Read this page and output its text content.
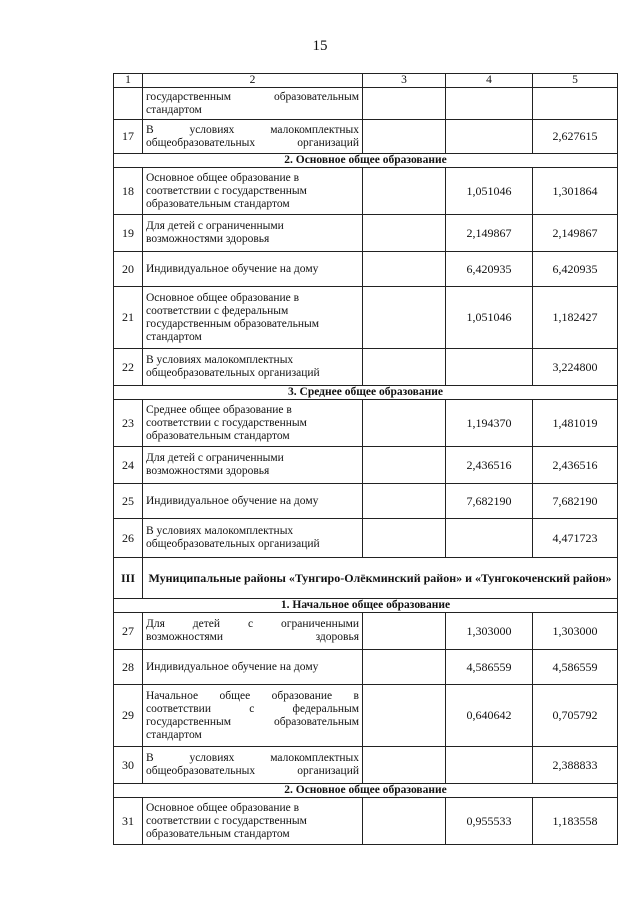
15
1	2	3	4	5
	государственным образовательным стандартом			
17	В условиях малокомплектных общеобразовательных организаций			2,627615
2. Основное общее образование				
18	Основное общее образование в соответствии с государственным образовательным стандартом		1,051046	1,301864
19	Для детей с ограниченными возможностями здоровья		2,149867	2,149867
20	Индивидуальное обучение на дому		6,420935	6,420935
21	Основное общее образование в соответствии с федеральным государственным образовательным стандартом		1,051046	1,182427
22	В условиях малокомплектных общеобразовательных организаций			3,224800
3. Среднее общее образование				
23	Среднее общее образование в соответствии с государственным образовательным стандартом		1,194370	1,481019
24	Для детей с ограниченными возможностями здоровья		2,436516	2,436516
25	Индивидуальное обучение на дому		7,682190	7,682190
26	В условиях малокомплектных общеобразовательных организаций			4,471723
III	Муниципальные районы «Тунгиро-Олёкминский район» и «Тунгокоченский район»			
1. Начальное общее образование				
27	Для детей с ограниченными возможностями здоровья		1,303000	1,303000
28	Индивидуальное обучение на дому		4,586559	4,586559
29	Начальное общее образование в соответствии с федеральным государственным образовательным стандартом		0,640642	0,705792
30	В условиях малокомплектных общеобразовательных организаций			2,388833
2. Основное общее образование				
31	Основное общее образование в соответствии с государственным образовательным стандартом		0,955533	1,183558
